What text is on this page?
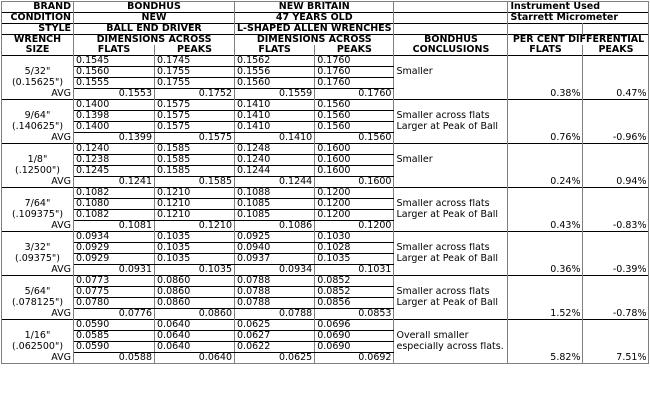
BRAND	BONDHUS		NEW BRITAIN			Instrument Used	
CONDITION	NEW		47 YEARS OLD			Starrett Micrometer	
STYLE	BALL END DRIVER		L-SHAPED ALLEN WRENCHES				
WRENCH	DIMENSIONS ACROSS		DIMENSIONS ACROSS		BONDHUS	PER CENT DIFFERENTIAL	
SIZE	FLATS	PEAKS	FLATS	PEAKS	CONCLUSIONS	FLATS	PEAKS
	0.1545	0.1745	0.1562	0.1760			
5/32"	0.1560	0.1755	0.1556	0.1760	Smaller		
(0.15625")	0.1555	0.1755	0.1560	0.1760			
AVG	0.1553	0.1752	0.1559	0.1760		0.38%	0.47%
	0.1400	0.1575	0.1410	0.1560			
9/64"	0.1398	0.1575	0.1410	0.1560	Smaller across flats		
(.140625")	0.1400	0.1575	0.1410	0.1560	Larger at Peak of Ball		
AVG	0.1399	0.1575	0.1410	0.1560		0.76%	-0.96%
	0.1240	0.1585	0.1248	0.1600			
1/8"	0.1238	0.1585	0.1240	0.1600	Smaller		
(.12500")	0.1245	0.1585	0.1244	0.1600			
AVG	0.1241	0.1585	0.1244	0.1600		0.24%	0.94%
	0.1082	0.1210	0.1088	0.1200			
7/64"	0.1080	0.1210	0.1085	0.1200	Smaller across flats		
(.109375")	0.1082	0.1210	0.1085	0.1200	Larger at Peak of Ball		
AVG	0.1081	0.1210	0.1086	0.1200		0.43%	-0.83%
	0.0934	0.1035	0.0925	0.1030			
3/32"	0.0929	0.1035	0.0940	0.1028	Smaller across flats		
(.09375")	0.0929	0.1035	0.0937	0.1035	Larger at Peak of Ball		
AVG	0.0931	0.1035	0.0934	0.1031		0.36%	-0.39%
	0.0773	0.0860	0.0788	0.0852			
5/64"	0.0775	0.0860	0.0788	0.0852	Smaller across flats		
(.078125")	0.0780	0.0860	0.0788	0.0856	Larger at Peak of Ball		
AVG	0.0776	0.0860	0.0788	0.0853		1.52%	-0.78%
	0.0590	0.0640	0.0625	0.0696			
1/16"	0.0585	0.0640	0.0627	0.0690	Overall smaller		
(.062500")	0.0590	0.0640	0.0622	0.0690	especially across flats.		
AVG	0.0588	0.0640	0.0625	0.0692		5.82%	7.51%
